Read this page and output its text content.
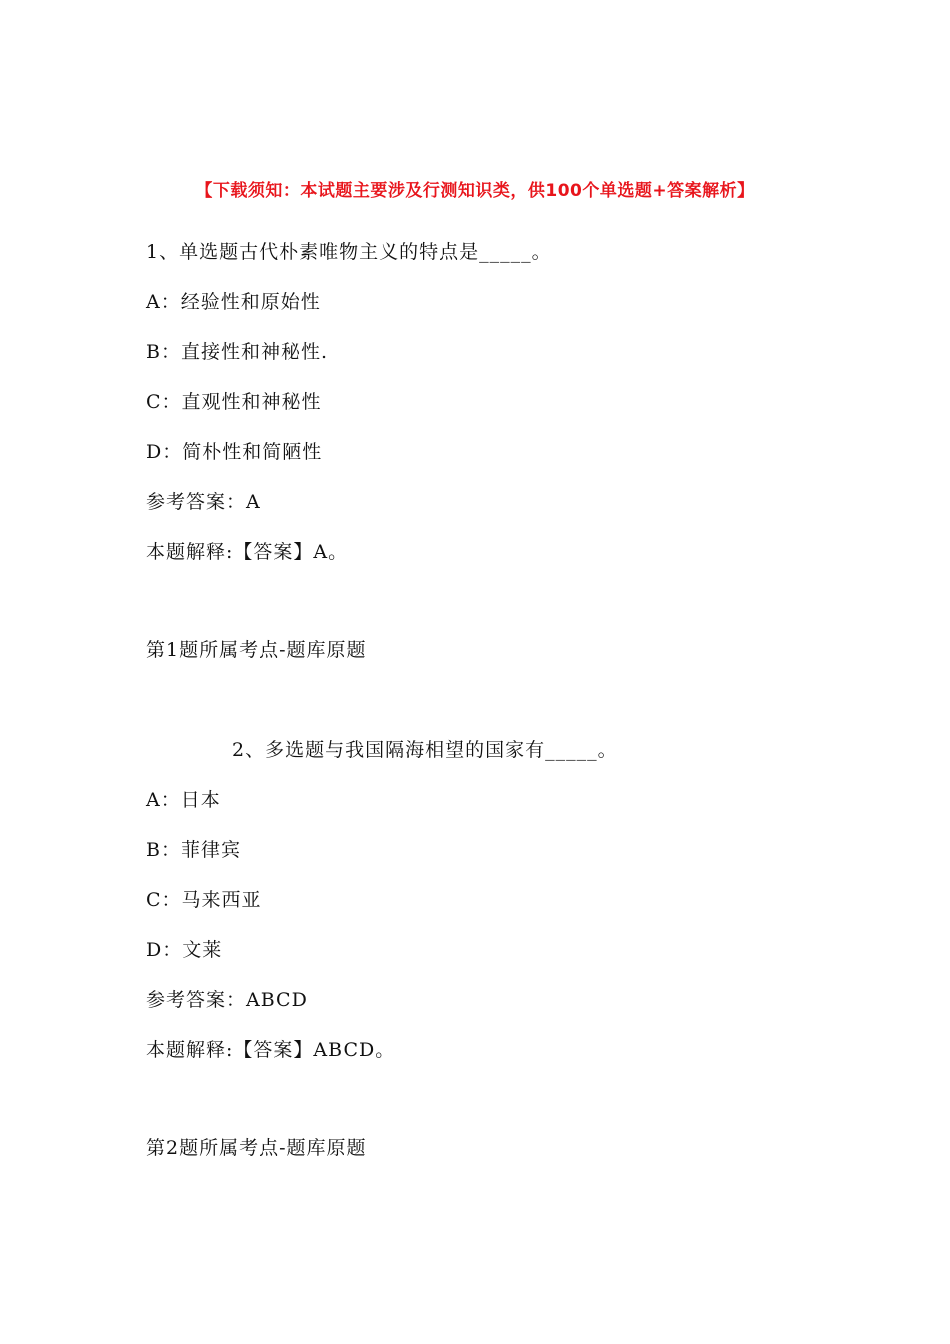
【下载须知：本试题主要涉及行测知识类，供100个单选题+答案解析】
1、单选题古代朴素唯物主义的特点是_____。
A：经验性和原始性
B：直接性和神秘性.
C：直观性和神秘性
D：简朴性和简陋性
参考答案：A
本题解释:【答案】A。
第1题所属考点-题库原题
2、多选题与我国隔海相望的国家有_____。
A：日本
B：菲律宾
C：马来西亚
D：文莱
参考答案：ABCD
本题解释:【答案】ABCD。
第2题所属考点-题库原题
